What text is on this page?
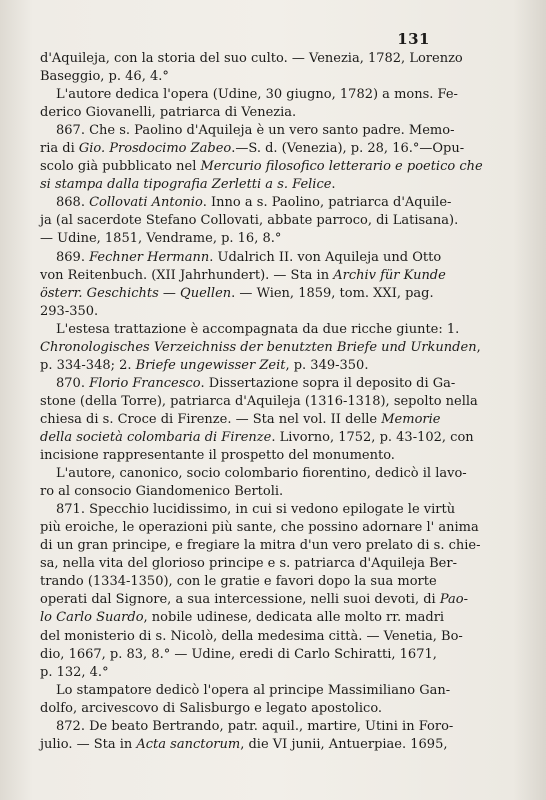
131
d'Aquileja, con la storia del suo culto. — Venezia, 1782, Lorenzo
Baseggio, p. 46, 4.°
L'autore dedica l'opera (Udine, 30 giugno, 1782) a mons. Fe-
derico Giovanelli, patriarca di Venezia.
867. Che s. Paolino d'Aquileja è un vero santo padre. Memo-
ria di Gio. Prosdocimo Zabeo.—S. d. (Venezia), p. 28, 16.°—Opu-
scolo già pubblicato nel Mercurio filosofico letterario e poetico che
si stampa dalla tipografia Zerletti a s. Felice.
868. Collovati Antonio. Inno a s. Paolino, patriarca d'Aquile-
ja (al sacerdote Stefano Collovati, abbate parroco, di Latisana).
— Udine, 1851, Vendrame, p. 16, 8.°
869. Fechner Hermann. Udalrich II. von Aquileja und Otto
von Reitenbuch. (XII Jahrhundert). — Sta in Archiv für Kunde
österr. Geschichts — Quellen. — Wien, 1859, tom. XXI, pag.
293-350.
L'estesa trattazione è accompagnata da due ricche giunte: 1.
Chronologisches Verzeichniss der benutzten Briefe und Urkunden,
p. 334-348; 2. Briefe ungewisser Zeit, p. 349-350.
870. Florio Francesco. Dissertazione sopra il deposito di Ga-
stone (della Torre), patriarca d'Aquileja (1316-1318), sepolto nella
chiesa di s. Croce di Firenze. — Sta nel vol. II delle Memorie
della società colombaria di Firenze. Livorno, 1752, p. 43-102, con
incisione rappresentante il prospetto del monumento.
L'autore, canonico, socio colombario fiorentino, dedicò il lavo-
ro al consocio Giandomenico Bertoli.
871. Specchio lucidissimo, in cui si vedono epilogate le virtù
più eroiche, le operazioni più sante, che possino adornare l' anima
di un gran principe, e fregiare la mitra d'un vero prelato di s. chie-
sa, nella vita del glorioso principe e s. patriarca d'Aquileja Ber-
trando (1334-1350), con le gratie e favori dopo la sua morte
operati dal Signore, a sua intercessione, nelli suoi devoti, di Pao-
lo Carlo Suardo, nobile udinese, dedicata alle molto rr. madri
del monisterio di s. Nicolò, della medesima città. — Venetia, Bo-
dio, 1667, p. 83, 8.° — Udine, eredi di Carlo Schiratti, 1671,
p. 132, 4.°
Lo stampatore dedicò l'opera al principe Massimiliano Gan-
dolfo, arcivescovo di Salisburgo e legato apostolico.
872. De beato Bertrando, patr. aquil., martire, Utini in Foro-
julio. — Sta in Acta sanctorum, die VI junii, Antuerpiae. 1695,
